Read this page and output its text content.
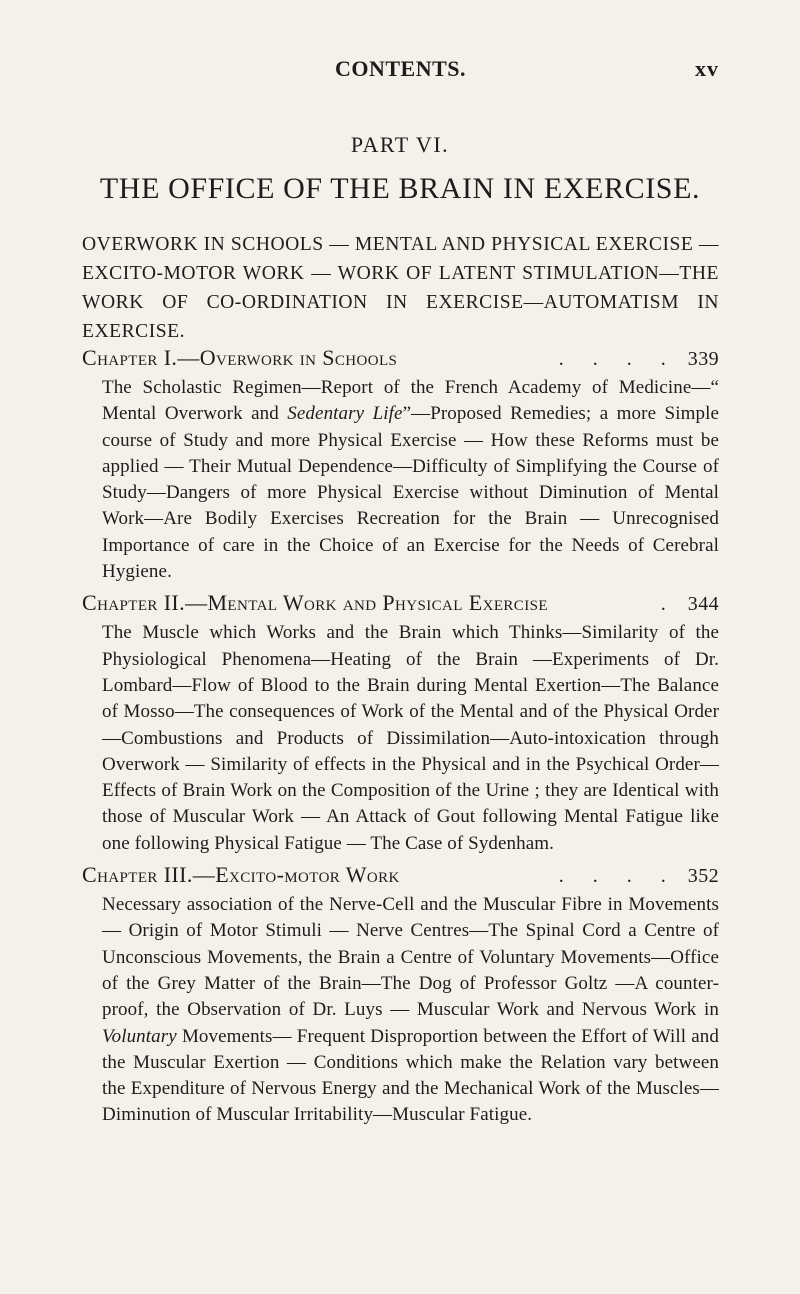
CONTENTS.	xv
PART VI.
THE OFFICE OF THE BRAIN IN EXERCISE.
OVERWORK IN SCHOOLS — MENTAL AND PHYSICAL EXERCISE — EXCITO-MOTOR WORK — WORK OF LATENT STIMULATION—THE WORK OF CO-ORDINATION IN EXERCISE—AUTOMATISM IN EXERCISE.
Chapter I.—Overwork in Schools	. . . . 339
The Scholastic Regimen—Report of the French Academy of Medicine—“ Mental Overwork and Sedentary Life”—Proposed Remedies; a more Simple course of Study and more Physical Exercise — How these Reforms must be applied — Their Mutual Dependence—Difficulty of Simplifying the Course of Study—Dangers of more Physical Exercise without Diminution of Mental Work—Are Bodily Exercises Recreation for the Brain — Unrecognised Importance of care in the Choice of an Exercise for the Needs of Cerebral Hygiene.
Chapter II.—Mental Work and Physical Exercise	. 344
The Muscle which Works and the Brain which Thinks—Similarity of the Physiological Phenomena—Heating of the Brain —Experiments of Dr. Lombard—Flow of Blood to the Brain during Mental Exertion—The Balance of Mosso—The consequences of Work of the Mental and of the Physical Order —Combustions and Products of Dissimilation—Auto-intoxication through Overwork — Similarity of effects in the Physical and in the Psychical Order—Effects of Brain Work on the Composition of the Urine ; they are Identical with those of Muscular Work — An Attack of Gout following Mental Fatigue like one following Physical Fatigue — The Case of Sydenham.
Chapter III.—Excito-motor Work	. . . . 352
Necessary association of the Nerve-Cell and the Muscular Fibre in Movements — Origin of Motor Stimuli — Nerve Centres—The Spinal Cord a Centre of Unconscious Movements, the Brain a Centre of Voluntary Movements—Office of the Grey Matter of the Brain—The Dog of Professor Goltz —A counter-proof, the Observation of Dr. Luys — Muscular Work and Nervous Work in Voluntary Movements— Frequent Disproportion between the Effort of Will and the Muscular Exertion — Conditions which make the Relation vary between the Expenditure of Nervous Energy and the Mechanical Work of the Muscles—Diminution of Muscular Irritability—Muscular Fatigue.
